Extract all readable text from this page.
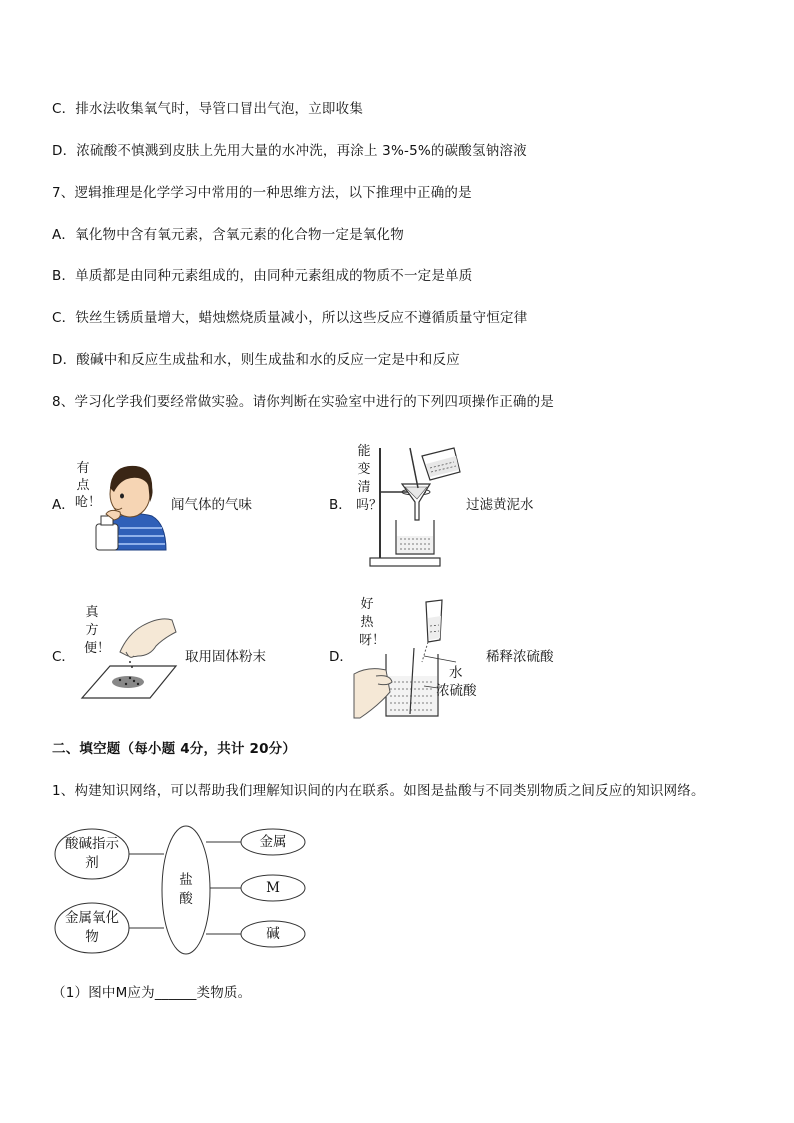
C．排水法收集氧气时，导管口冒出气泡，立即收集
D．浓硫酸不慎溅到皮肤上先用大量的水冲洗，再涂上 3%-5%的碳酸氢钠溶液
7、逻辑推理是化学学习中常用的一种思维方法，以下推理中正确的是
A．氧化物中含有氧元素，含氧元素的化合物一定是氧化物
B．单质都是由同种元素组成的，由同种元素组成的物质不一定是单质
C．铁丝生锈质量增大，蜡烛燃烧质量减小，所以这些反应不遵循质量守恒定律
D．酸碱中和反应生成盐和水，则生成盐和水的反应一定是中和反应
8、学习化学我们要经常做实验。请你判断在实验室中进行的下列四项操作正确的是
A．
有点呛！	闻气体的气味	B．
能变清吗？	过滤黄泥水
C．
真方便！
取用固体粉末	D．
好热呀！
水
浓硫酸
稀释浓硫酸
二、填空题（每小题 4分，共计 20分）
1、构建知识网络，可以帮助我们理解知识间的内在联系。如图是盐酸与不同类别物质之间反应的知识网络。
酸碱指示剂
金属氧化物
盐酸
金属
M
碱
（1）图中M应为______类物质。
